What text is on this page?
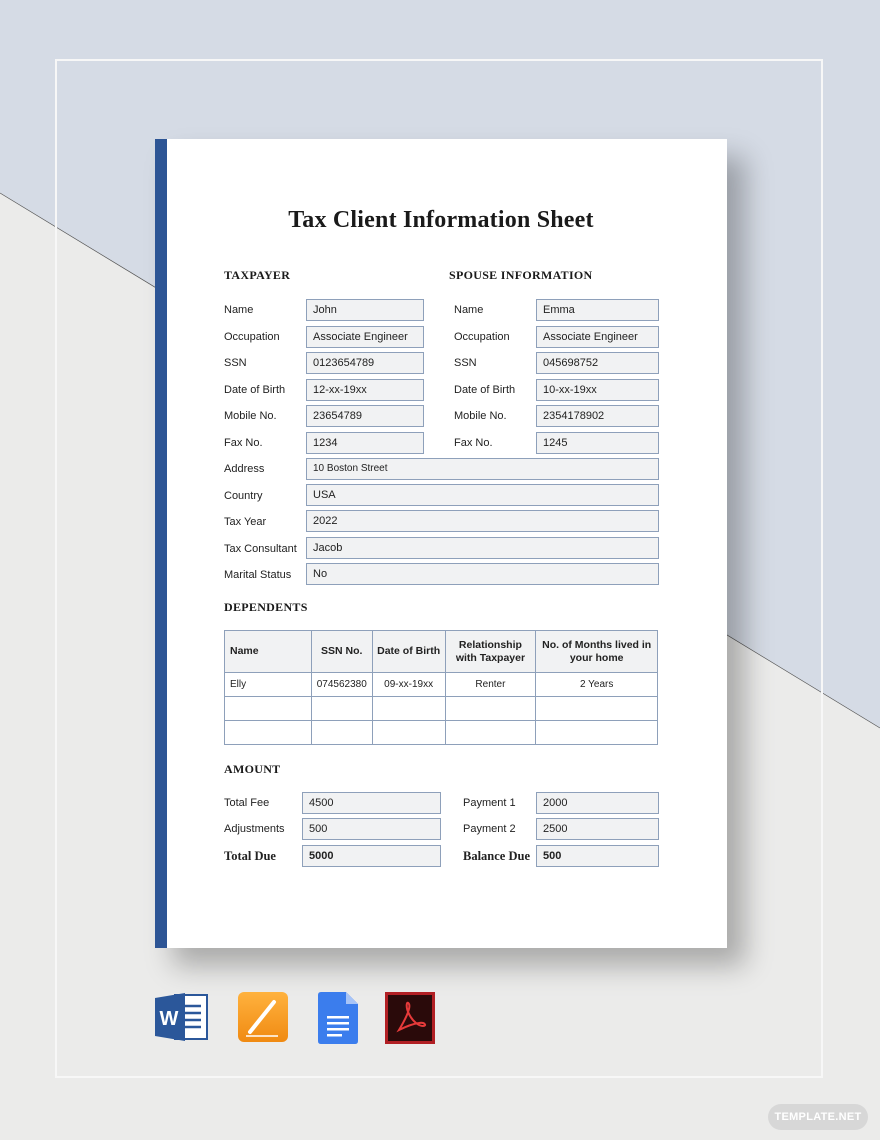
Tax Client Information Sheet
TAXPAYER	SPOUSE INFORMATION
Name	John
Occupation	Associate Engineer
SSN	0123654789
Date of Birth	12-xx-19xx
Mobile No.	23654789
Fax No.	1234
Name	Emma
Occupation	Associate Engineer
SSN	045698752
Date of Birth	10-xx-19xx
Mobile No.	2354178902
Fax No.	1245
Address	10 Boston Street
Country	USA
Tax Year	2022
Tax Consultant	Jacob
Marital Status	No
DEPENDENTS
Name	SSN No.	Date of Birth	Relationship with Taxpayer	No. of Months lived in your home
Elly	074562380	09-xx-19xx	Renter	2 Years

AMOUNT
Total Fee	4500
Adjustments	500
Total Due	5000
Payment 1	2000
Payment 2	2500
Balance Due	500
W
TEMPLATE.NET
